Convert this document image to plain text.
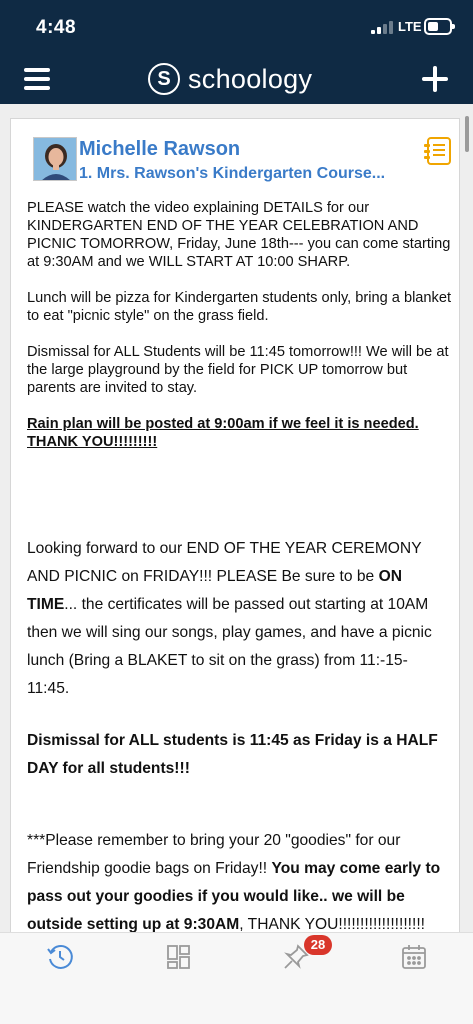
4:48	LTE
S schoology
Michelle Rawson
1. Mrs. Rawson's Kindergarten Course...

PLEASE watch the video explaining DETAILS for our KINDERGARTEN END OF THE YEAR CELEBRATION AND PICNIC TOMORROW, Friday, June 18th--- you can come starting at 9:30AM and we WILL START AT 10:00 SHARP.

Lunch will be pizza for Kindergarten students only, bring a blanket to eat "picnic style" on the grass field.

Dismissal for ALL Students will be 11:45 tomorrow!!! We will be at the large playground by the field for PICK UP tomorrow but parents are invited to stay.

Rain plan will be posted at 9:00am if we feel it is needed. THANK YOU!!!!!!!!!

Looking forward to our END OF THE YEAR CEREMONY AND PICNIC on FRIDAY!!! PLEASE Be sure to be ON TIME... the certificates will be passed out starting at 10AM then we will sing our songs, play games, and have a picnic lunch (Bring a BLAKET to sit on the grass) from 11:-15- 11:45.

Dismissal for ALL students is 11:45 as Friday is a HALF DAY for all students!!!

***Please remember to bring your 20 "goodies" for our Friendship goodie bags on Friday!! You may come early to pass out your goodies if you would like.. we will be outside setting up at 9:30AM, THANK YOU!!!!!!!!!!!!!!!!!!!!

28
